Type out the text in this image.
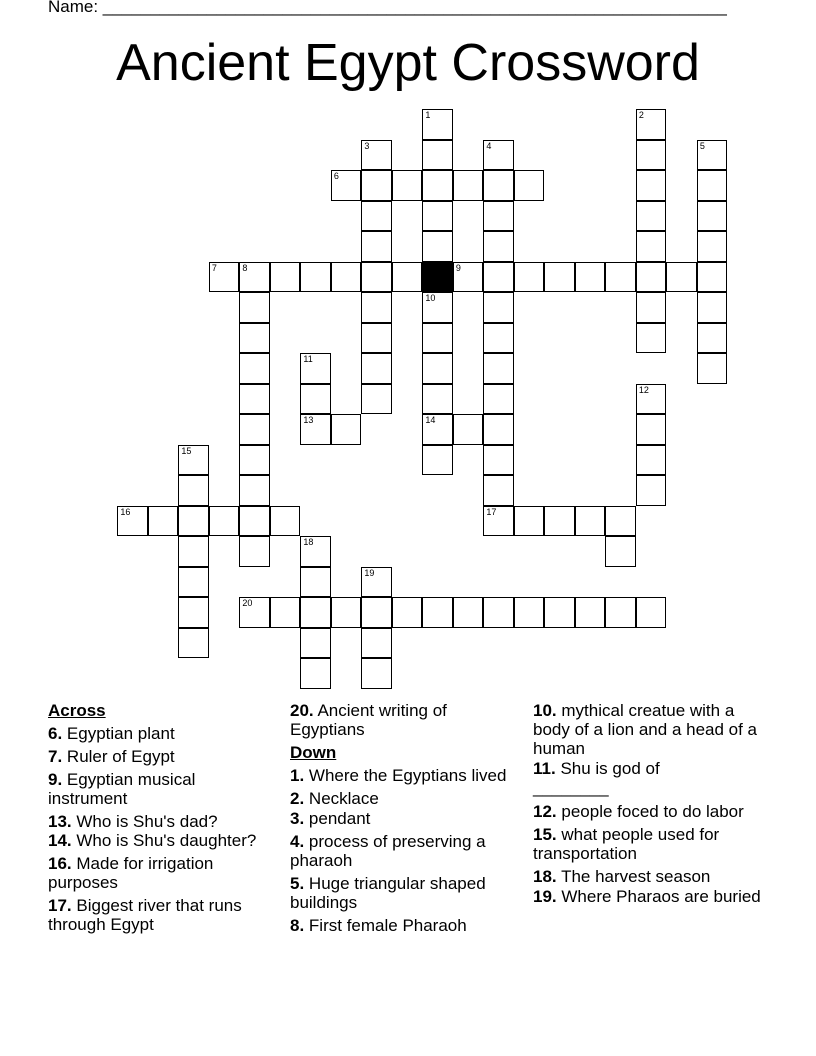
Name: __________________________________________________________________
Ancient Egypt Crossword
1	2
3	4	5
6
7	8	9
10
11
12
13	14
15
16	17
18
19
20
Across
6. Egyptian plant
7. Ruler of Egypt
9. Egyptian musical instrument
13. Who is Shu's dad?
14. Who is Shu's daughter?
16. Made for irrigation purposes
17. Biggest river that runs through Egypt
20. Ancient writing of Egyptians
Down
1. Where the Egyptians lived
2. Necklace
3. pendant
4. process of preserving a pharaoh
5. Huge triangular shaped buildings
8. First female Pharaoh
10. mythical creatue with a body of a lion and a head of a human
11. Shu is god of ________
12. people foced to do labor
15. what people used for transportation
18. The harvest season
19. Where Pharaos are buried
